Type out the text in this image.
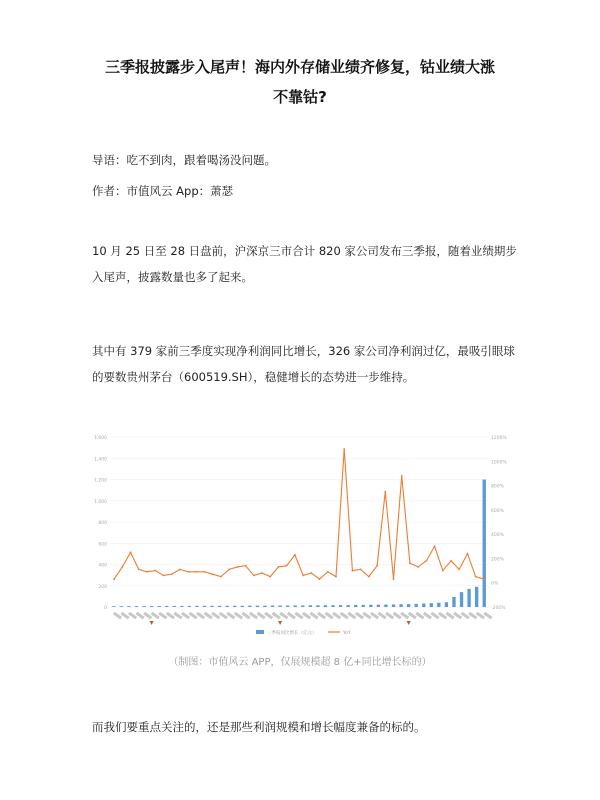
三季报披露步入尾声！海内外存储业绩齐修复，钴业绩大涨
不靠钴?
导语：吃不到肉，跟着喝汤没问题。
作者：市值风云 App：萧瑟
10 月 25 日至 28 日盘前，沪深京三市合计 820 家公司发布三季报，随着业绩期步入尾声，披露数量也多了起来。
其中有 379 家前三季度实现净利润同比增长，326 家公司净利润过亿，最吸引眼球的要数贵州茅台（600519.SH），稳健增长的态势进一步维持。
1,600
1,400
1,200
1,000
800
600
400
200
0
1200%
1000%
800%
600%
400%
200%
0%
-200%
三季报同比增长（亿元）	YoY
（制图：市值风云 APP，仅展规模超 8 亿+同比增长标的）
而我们要重点关注的，还是那些利润规模和增长幅度兼备的标的。
